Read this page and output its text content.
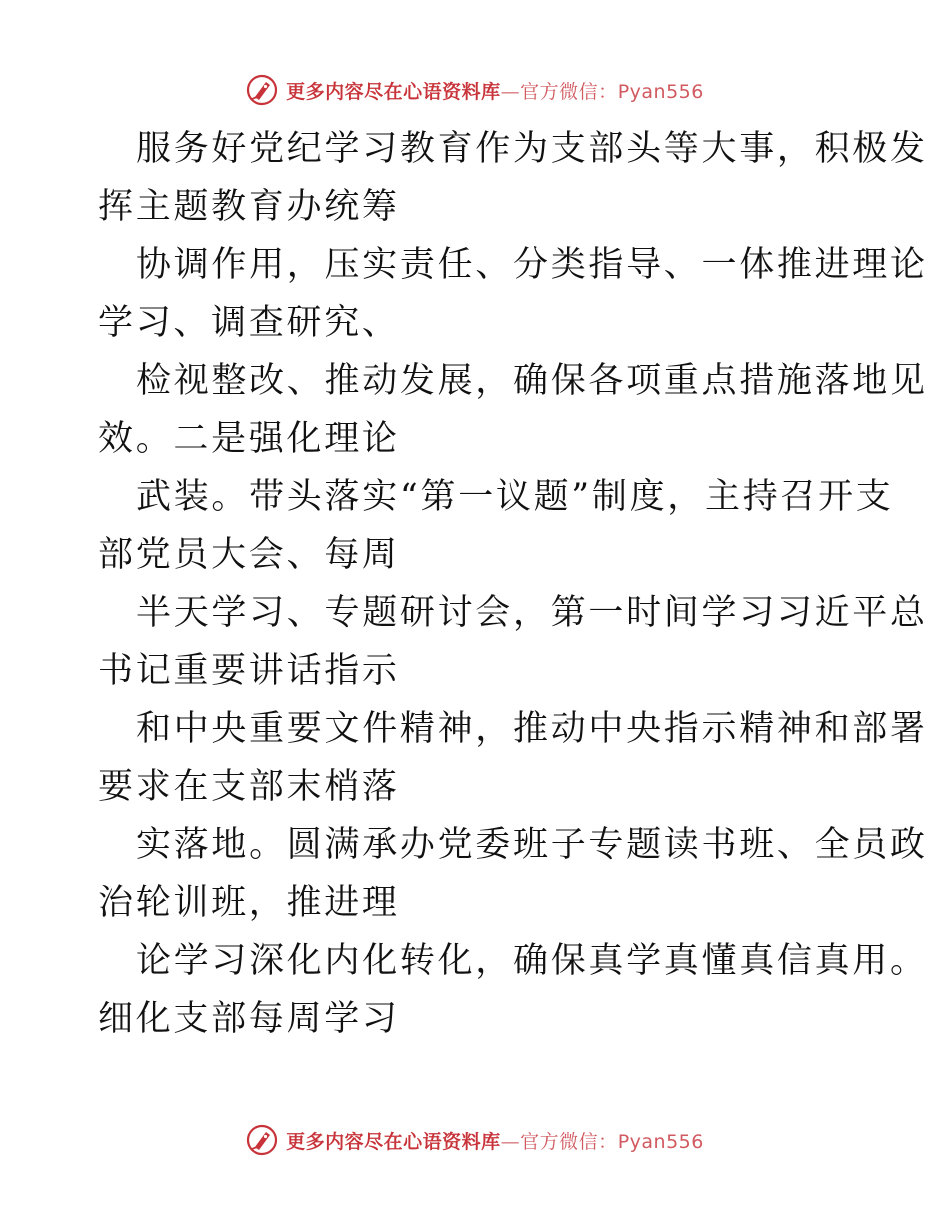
更多内容尽在心语资料库—官方微信：Pyan556
服务好党纪学习教育作为支部头等大事，积极发
挥主题教育办统筹
协调作用，压实责任、分类指导、一体推进理论
学习、调查研究、
检视整改、推动发展，确保各项重点措施落地见
效。二是强化理论
武装。带头落实“第一议题”制度，主持召开支
部党员大会、每周
半天学习、专题研讨会，第一时间学习习近平总
书记重要讲话指示
和中央重要文件精神，推动中央指示精神和部署
要求在支部末梢落
实落地。圆满承办党委班子专题读书班、全员政
治轮训班，推进理
论学习深化内化转化，确保真学真懂真信真用。
细化支部每周学习
更多内容尽在心语资料库—官方微信：Pyan556
